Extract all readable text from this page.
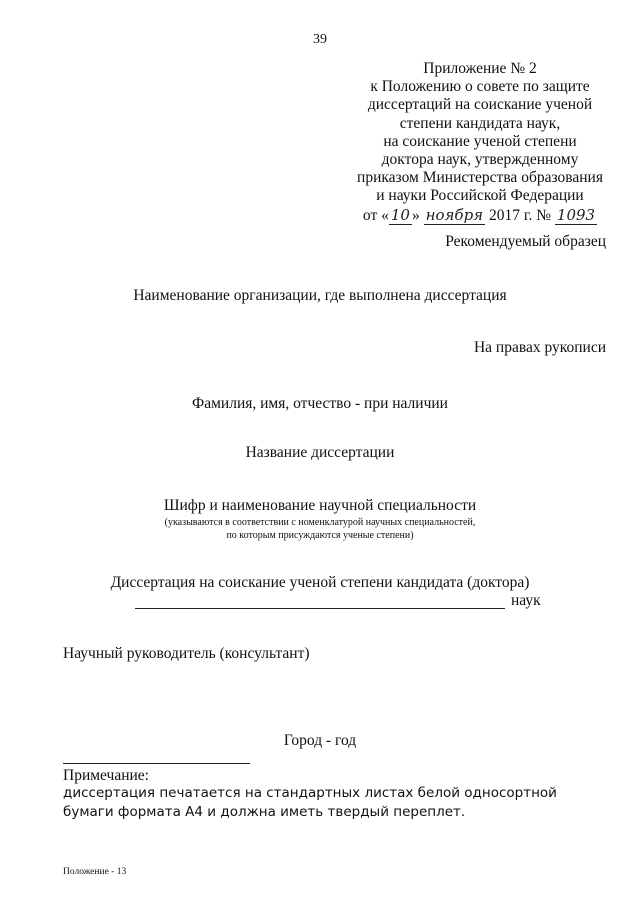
39
Приложение № 2
к Положению о совете по защите
диссертаций на соискание ученой
степени кандидата наук,
на соискание ученой степени
доктора наук, утвержденному
приказом Министерства образования
и науки Российской Федерации
от « 10 » ноября 2017 г. № 1093
Рекомендуемый образец
Наименование организации, где выполнена диссертация
На правах рукописи
Фамилия, имя, отчество - при наличии
Название диссертации
Шифр и наименование научной специальности
(указываются в соответствии с номенклатурой научных специальностей,
по которым присуждаются ученые степени)
Диссертация на соискание ученой степени кандидата (доктора)
наук
Научный руководитель (консультант)
Город - год
Примечание:
диссертация печатается на стандартных листах белой односортной бумаги формата А4 и должна иметь твердый переплет.
Положение - 13
